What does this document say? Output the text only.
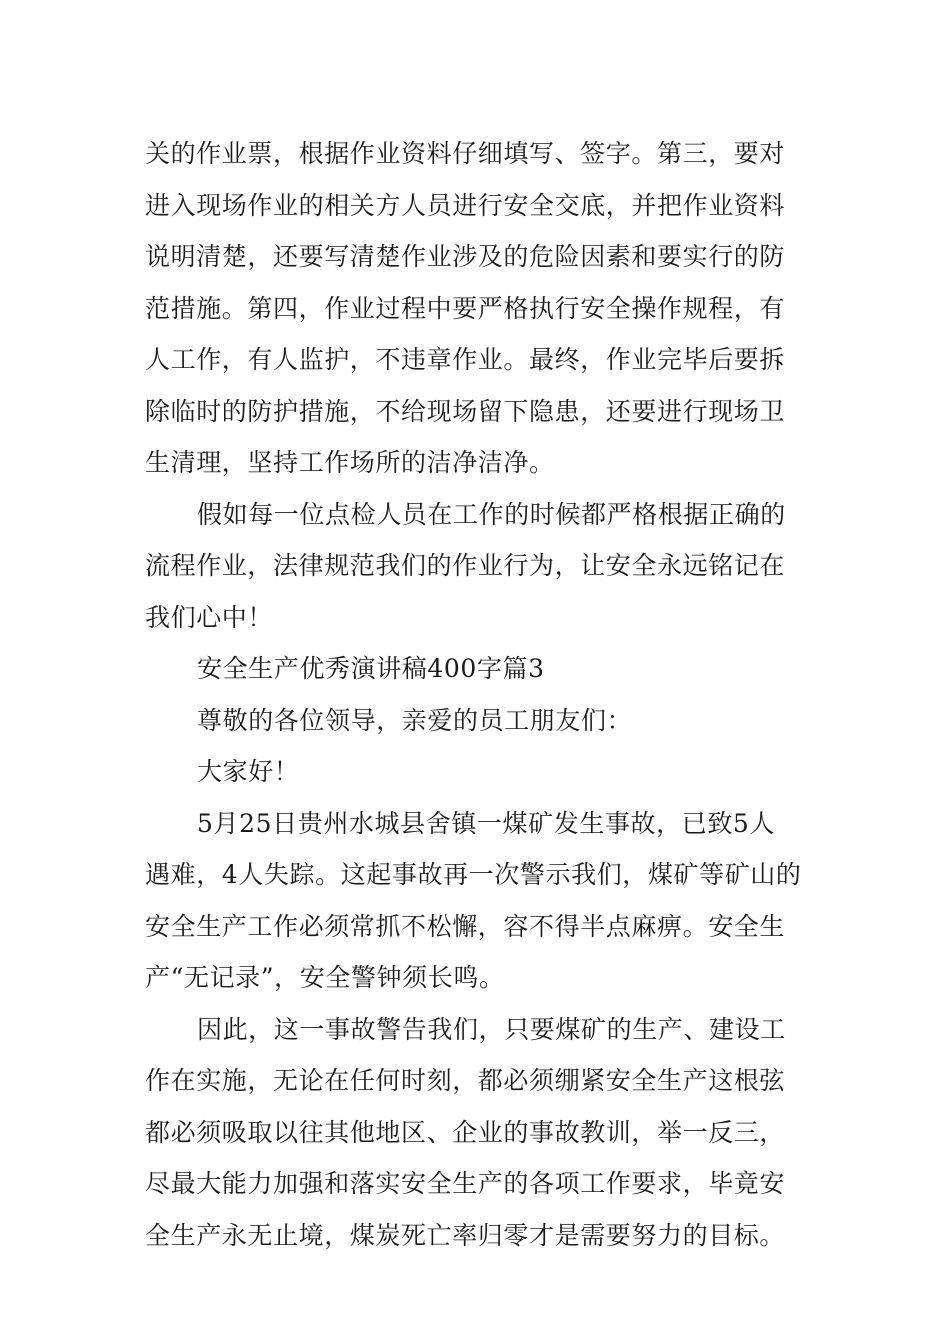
关的作业票，根据作业资料仔细填写、签字。第三，要对
进入现场作业的相关方人员进行安全交底，并把作业资料
说明清楚，还要写清楚作业涉及的危险因素和要实行的防
范措施。第四，作业过程中要严格执行安全操作规程，有
人工作，有人监护，不违章作业。最终，作业完毕后要拆
除临时的防护措施，不给现场留下隐患，还要进行现场卫
生清理，坚持工作场所的洁净洁净。

假如每一位点检人员在工作的时候都严格根据正确的
流程作业，法律规范我们的作业行为，让安全永远铭记在
我们心中！

安全生产优秀演讲稿400字篇3

尊敬的各位领导，亲爱的员工朋友们：

大家好！

5月25日贵州水城县舍镇一煤矿发生事故，已致5人
遇难，4人失踪。这起事故再一次警示我们，煤矿等矿山的
安全生产工作必须常抓不松懈，容不得半点麻痹。安全生
产“无记录”，安全警钟须长鸣。

因此，这一事故警告我们，只要煤矿的生产、建设工
作在实施，无论在任何时刻，都必须绷紧安全生产这根弦
都必须吸取以往其他地区、企业的事故教训，举一反三，
尽最大能力加强和落实安全生产的各项工作要求，毕竟安
全生产永无止境，煤炭死亡率归零才是需要努力的目标。
